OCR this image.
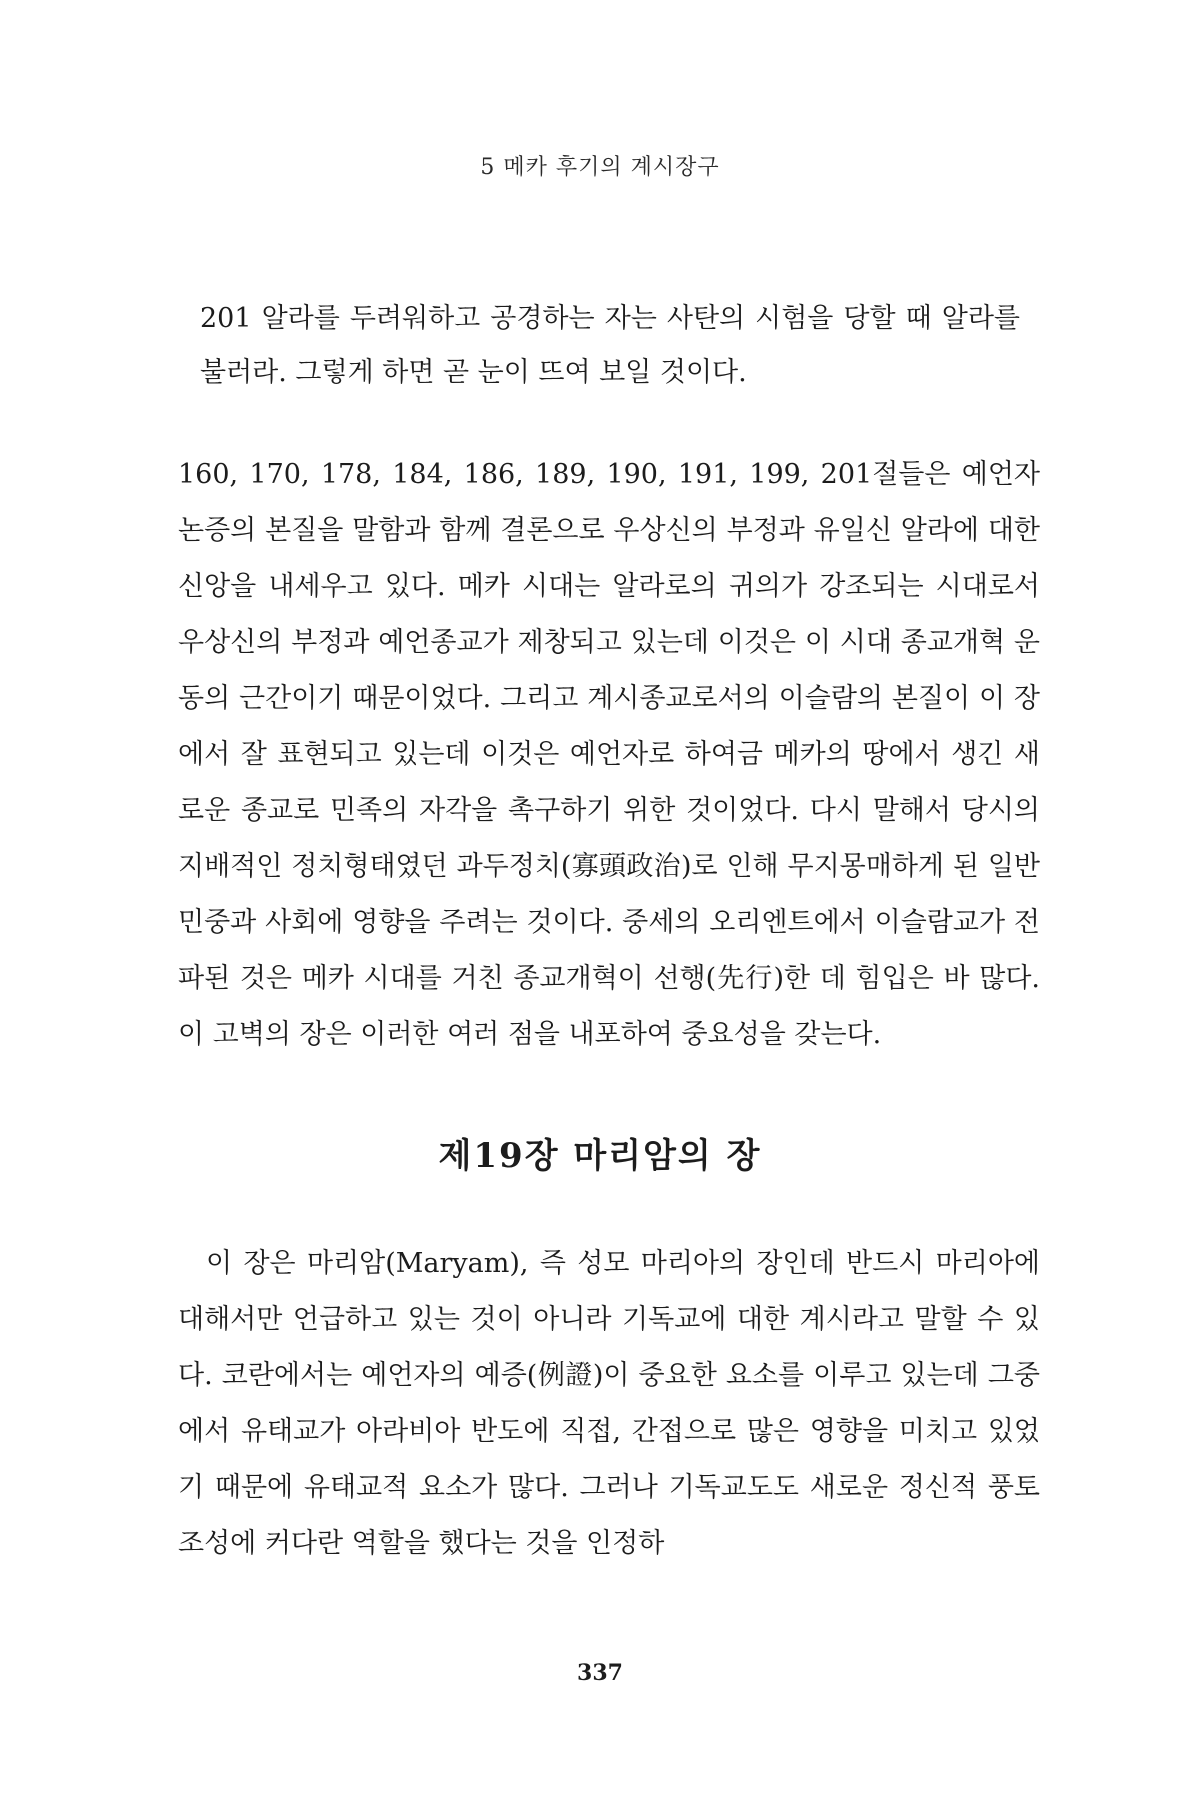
5 메카 후기의 계시장구

201 알라를 두려워하고 공경하는 자는 사탄의 시험을 당할 때 알라를 불러라. 그렇게 하면 곧 눈이 뜨여 보일 것이다.

160, 170, 178, 184, 186, 189, 190, 191, 199, 201절들은 예언자 논증의 본질을 말함과 함께 결론으로 우상신의 부정과 유일신 알라에 대한 신앙을 내세우고 있다. 메카 시대는 알라로의 귀의가 강조되는 시대로서 우상신의 부정과 예언종교가 제창되고 있는데 이것은 이 시대 종교개혁 운동의 근간이기 때문이었다. 그리고 계시종교로서의 이슬람의 본질이 이 장에서 잘 표현되고 있는데 이것은 예언자로 하여금 메카의 땅에서 생긴 새로운 종교로 민족의 자각을 촉구하기 위한 것이었다. 다시 말해서 당시의 지배적인 정치형태였던 과두정치(寡頭政治)로 인해 무지몽매하게 된 일반민중과 사회에 영향을 주려는 것이다. 중세의 오리엔트에서 이슬람교가 전파된 것은 메카 시대를 거친 종교개혁이 선행(先行)한 데 힘입은 바 많다. 이 고벽의 장은 이러한 여러 점을 내포하여 중요성을 갖는다.

제19장 마리암의 장

이 장은 마리암(Maryam), 즉 성모 마리아의 장인데 반드시 마리아에 대해서만 언급하고 있는 것이 아니라 기독교에 대한 계시라고 말할 수 있다. 코란에서는 예언자의 예증(例證)이 중요한 요소를 이루고 있는데 그중에서 유태교가 아라비아 반도에 직접, 간접으로 많은 영향을 미치고 있었기 때문에 유태교적 요소가 많다. 그러나 기독교도도 새로운 정신적 풍토조성에 커다란 역할을 했다는 것을 인정하

337
